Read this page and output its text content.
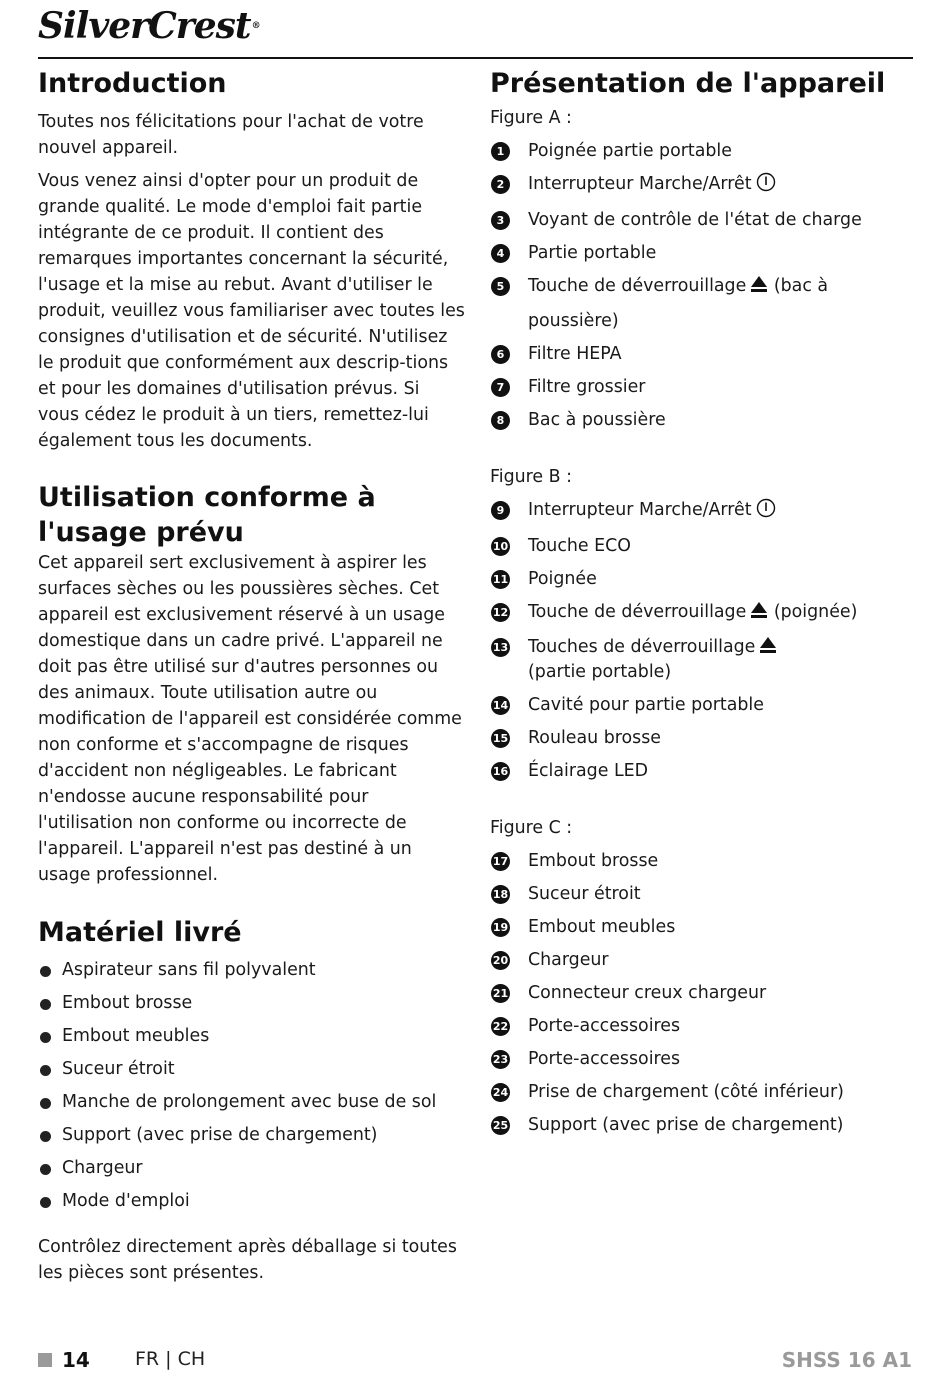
SilverCrest®
Introduction

Toutes nos félicitations pour l'achat de votre nouvel appareil.

Vous venez ainsi d'opter pour un produit de grande qualité. Le mode d'emploi fait partie intégrante de ce produit. Il contient des remarques importantes concernant la sécurité, l'usage et la mise au rebut. Avant d'utiliser le produit, veuillez vous familiariser avec toutes les consignes d'utilisation et de sécurité. N'utilisez le produit que conformément aux descrip-tions et pour les domaines d'utilisation prévus. Si vous cédez le produit à un tiers, remettez-lui également tous les documents.

Utilisation conforme à l'usage prévu

Cet appareil sert exclusivement à aspirer les surfaces sèches ou les poussières sèches. Cet appareil est exclusivement réservé à un usage domestique dans un cadre privé. L'appareil ne doit pas être utilisé sur d'autres personnes ou des animaux. Toute utilisation autre ou modification de l'appareil est considérée comme non conforme et s'accompagne de risques d'accident non négligeables. Le fabricant n'endosse aucune responsabilité pour l'utilisation non conforme ou incorrecte de l'appareil. L'appareil n'est pas destiné à un usage professionnel.

Matériel livré
Aspirateur sans fil polyvalent
Embout brosse
Embout meubles
Suceur étroit
Manche de prolongement avec buse de sol
Support (avec prise de chargement)
Chargeur
Mode d'emploi

Contrôlez directement après déballage si toutes les pièces sont présentes.

Présentation de l'appareil
Figure A :
1	Poignée partie portable
2	Interrupteur Marche/Arrêt
3	Voyant de contrôle de l'état de charge
4	Partie portable
5	Touche de déverrouillage (bac à poussière)
6	Filtre HEPA
7	Filtre grossier
8	Bac à poussière
Figure B :
9	Interrupteur Marche/Arrêt
10 Touche ECO
11 Poignée
12 Touche de déverrouillage (poignée)
13 Touches de déverrouillage
(partie portable)
14 Cavité pour partie portable
15 Rouleau brosse
16 Éclairage LED
Figure C :
17 Embout brosse
18 Suceur étroit
19 Embout meubles
20 Chargeur
21 Connecteur creux chargeur
22 Porte-accessoires
23 Porte-accessoires
24 Prise de chargement (côté inférieur)
25 Support (avec prise de chargement)
14 FR | CH	SHSS 16 A1
